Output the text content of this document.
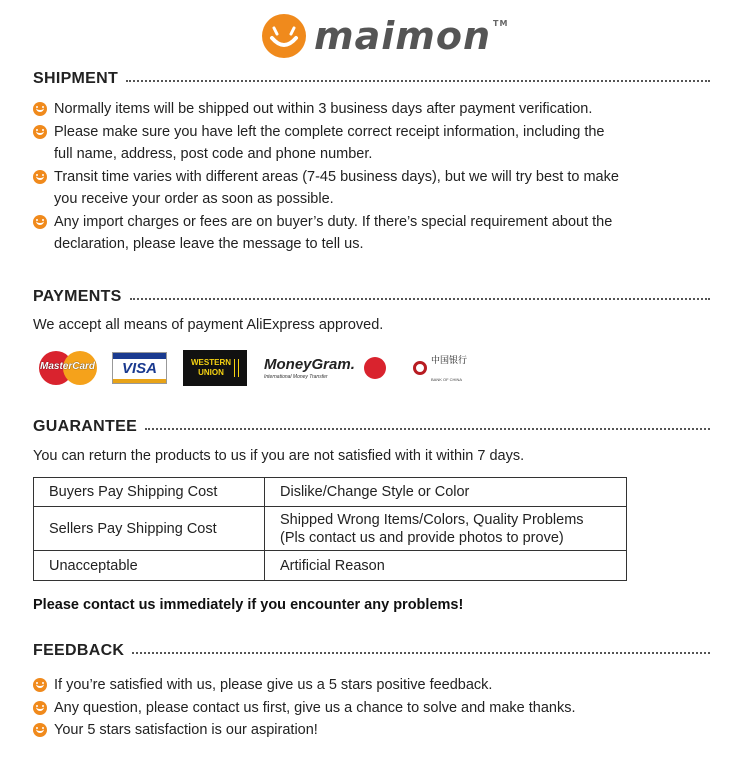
maimon ™
SHIPMENT
Normally items will be shipped out within 3 business days after payment verification.
Please make sure you have left the complete correct receipt information, including the
full name, address, post code and phone number.
Transit time varies with different areas (7-45 business days), but we will try best to make
you receive your order as soon as possible.
Any import charges or fees are on buyer’s duty. If there’s special requirement about the
declaration, please leave the message to tell us.
PAYMENTS
We accept all means of payment AliExpress approved.
MasterCard VISA	WESTERN
UNION	MoneyGram.
International Money Transfer
中国银行
BANK OF CHINA
GUARANTEE
You can return the products to us if you are not satisfied with it within 7 days.
Buyers Pay Shipping Cost	Dislike/Change Style or Color
Sellers Pay Shipping Cost	Shipped Wrong Items/Colors, Quality Problems
(Pls contact us and provide photos to prove)
Unacceptable	Artificial Reason
Please contact us immediately if you encounter any problems!
FEEDBACK
If you’re satisfied with us, please give us a 5 stars positive feedback.
Any question, please contact us first, give us a chance to solve and make thanks.
Your 5 stars satisfaction is our aspiration!
